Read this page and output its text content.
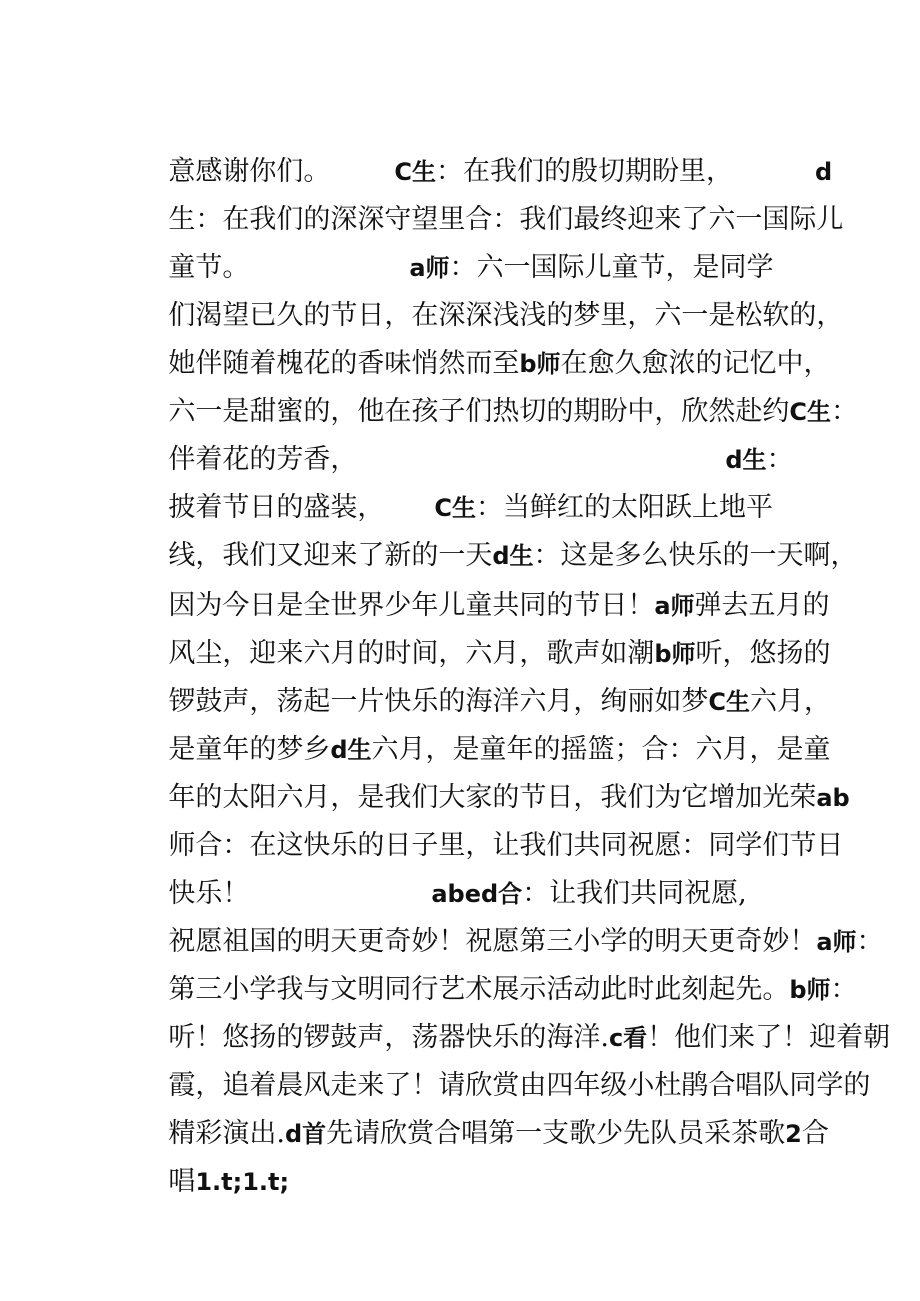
意感谢你们。	C生：在我们的殷切期盼里，	d

生：在我们的深深守望里合：我们最终迎来了六一国际儿

童节。	a师：六一国际儿童节，是同学

们渴望已久的节日，在深深浅浅的梦里，六一是松软的，

她伴随着槐花的香味悄然而至b师在愈久愈浓的记忆中，

六一是甜蜜的，他在孩子们热切的期盼中，欣然赴约C生：

伴着花的芳香，	d生：

披着节日的盛装， C生：当鲜红的太阳跃上地平

线，我们又迎来了新的一天d生：这是多么快乐的一天啊，

因为今日是全世界少年儿童共同的节日！a师弹去五月的

风尘，迎来六月的时间，六月，歌声如潮b师听，悠扬的

锣鼓声，荡起一片快乐的海洋六月，绚丽如梦C生六月，

是童年的梦乡d生六月，是童年的摇篮；合：六月，是童

年的太阳六月，是我们大家的节日，我们为它增加光荣ab

师合：在这快乐的日子里，让我们共同祝愿：同学们节日

快乐！	abed合：让我们共同祝愿,

祝愿祖国的明天更奇妙！祝愿第三小学的明天更奇妙！a师：

第三小学我与文明同行艺术展示活动此时此刻起先。b师：

听！悠扬的锣鼓声，荡器快乐的海洋.c看！他们来了！迎着朝

霞，追着晨风走来了！请欣赏由四年级小杜鹃合唱队同学的

精彩演出.d首先请欣赏合唱第一支歌少先队员采茶歌2合

唱1.t;1.t;
